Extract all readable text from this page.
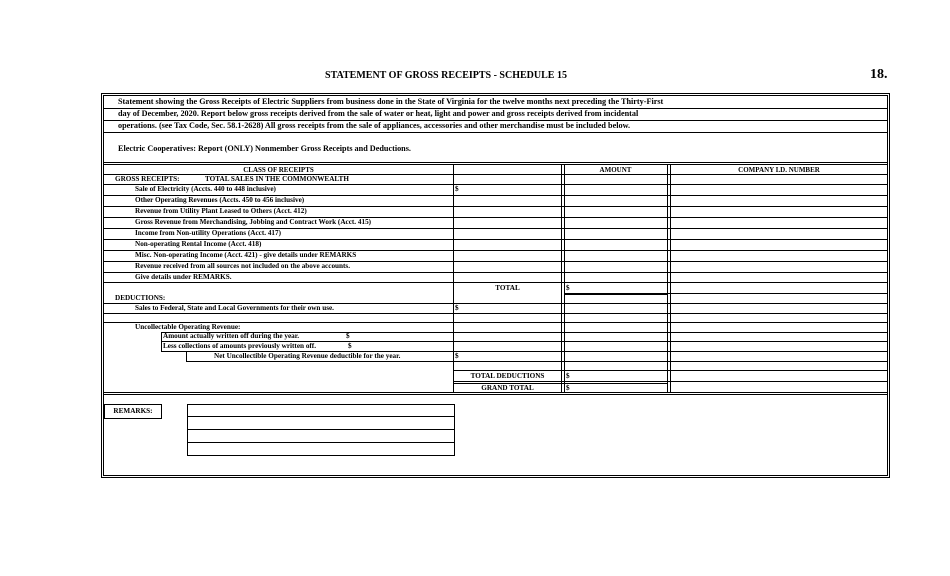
STATEMENT OF GROSS RECEIPTS - SCHEDULE 15	18.
Statement showing the Gross Receipts of Electric Suppliers from business done in the State of Virginia for the twelve months next preceding the Thirty-First
day of December, 2020. Report below gross receipts derived from the sale of water or heat, light and power and gross receipts derived from incidental
operations. (see Tax Code, Sec. 58.1-2628) All gross receipts from the sale of appliances, accessories and other merchandise must be included below.
Electric Cooperatives: Report (ONLY) Nonmember Gross Receipts and Deductions.
CLASS OF RECEIPTS	AMOUNT	COMPANY I.D. NUMBER
GROSS RECEIPTS:	TOTAL SALES IN THE COMMONWEALTH
Sale of Electricity (Accts. 440 to 448 inclusive)	$
Other Operating Revenues (Accts. 450 to 456 inclusive)
Revenue from Utility Plant Leased to Others (Acct. 412)
Gross Revenue from Merchandising, Jobbing and Contract Work (Acct. 415)
Income from Non-utility Operations (Acct. 417)
Non-operating Rental Income (Acct. 418)
Misc. Non-operating Income (Acct. 421) - give details under REMARKS
Revenue received from all sources not included on the above accounts.
Give details under REMARKS.
TOTAL	$
DEDUCTIONS:
Sales to Federal, State and Local Governments for their own use.	$
Uncollectable Operating Revenue:
Amount actually written off during the year.	$
Less collections of amounts previously written off.	$
Net Uncollectible Operating Revenue deductible for the year.	$
TOTAL DEDUCTIONS	$
GRAND TOTAL	$
REMARKS:
